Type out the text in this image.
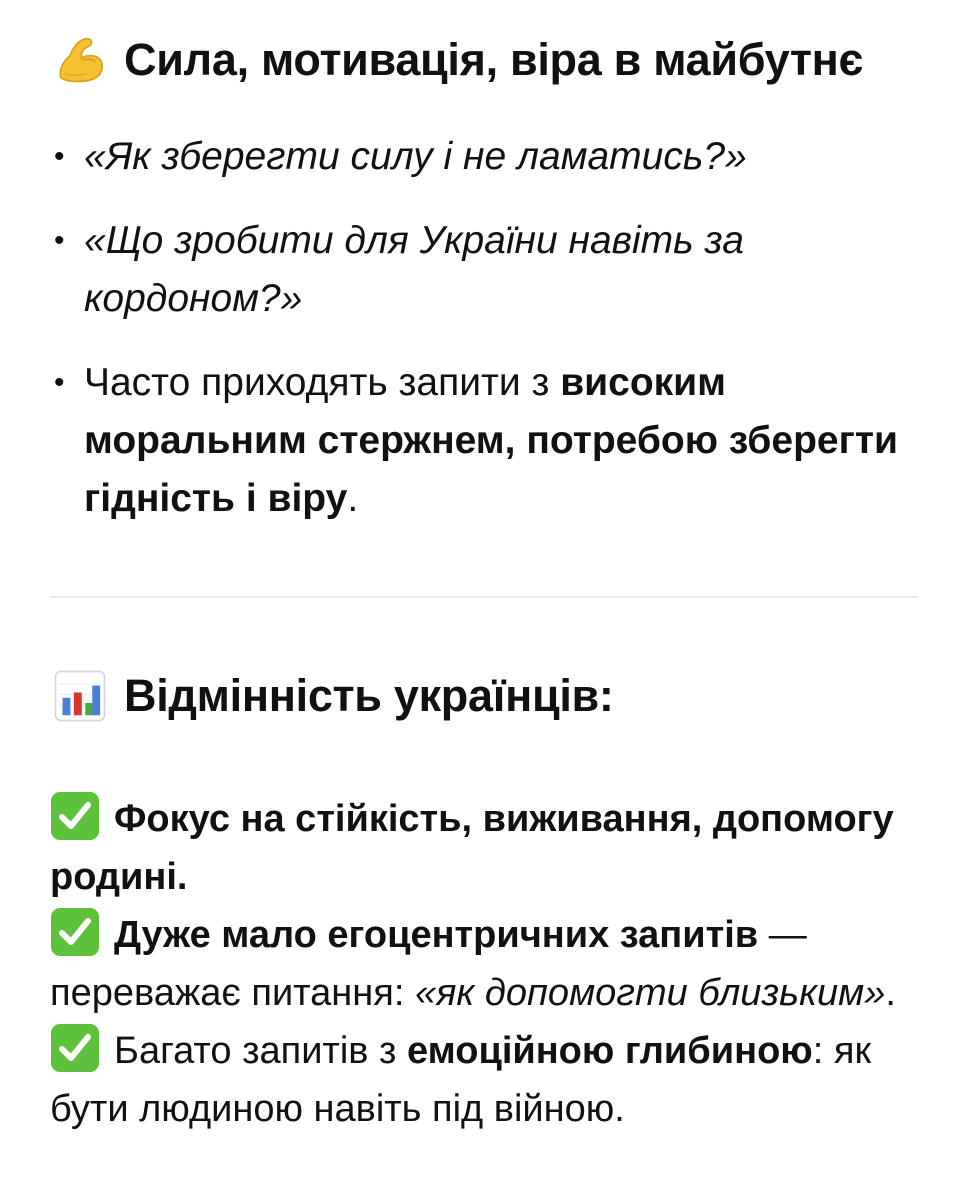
Сила, мотивація, віра в майбутнє
• «Як зберегти силу і не ламатись?»
• «Що зробити для України навіть за кордоном?»
• Часто приходять запити з високим моральним стержнем, потребою зберегти гідність і віру.
Відмінність українців:
Фокус на стійкість, виживання, допомогу родині.
Дуже мало егоцентричних запитів — переважає питання: «як допомогти близьким».
Багато запитів з емоційною глибиною: як бути людиною навіть під війною.
